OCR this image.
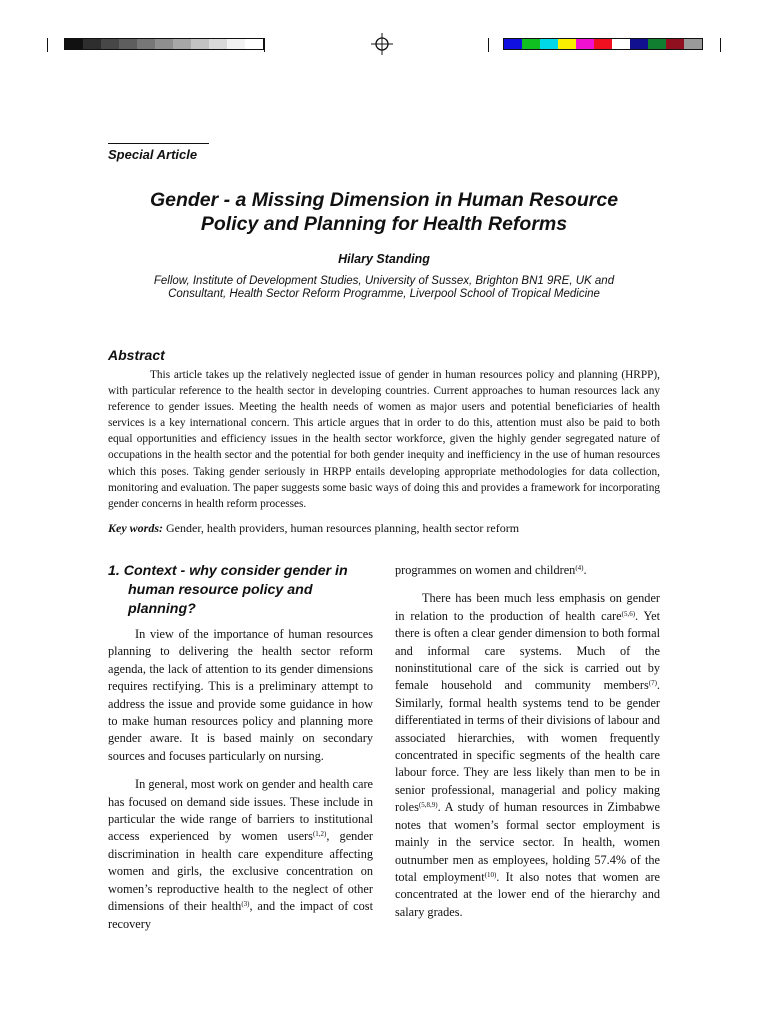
Special Article
Gender - a Missing Dimension in Human Resource
Policy and Planning for Health Reforms
Hilary Standing
Fellow, Institute of Development Studies, University of Sussex, Brighton BN1 9RE, UK and
Consultant, Health Sector Reform Programme, Liverpool School of Tropical Medicine
Abstract

This article takes up the relatively neglected issue of gender in human resources policy and planning (HRPP), with particular reference to the health sector in developing countries. Current approaches to human resources lack any reference to gender issues. Meeting the health needs of women as major users and potential beneficiaries of health services is a key international concern. This article argues that in order to do this, attention must also be paid to both equal opportunities and efficiency issues in the health sector workforce, given the highly gender segregated nature of occupations in the health sector and the potential for both gender inequity and inefficiency in the use of human resources which this poses. Taking gender seriously in HRPP entails developing appropriate methodologies for data collection, monitoring and evaluation. The paper suggests some basic ways of doing this and provides a framework for incorporating gender concerns in health reform processes.

Key words: Gender, health providers, human resources planning, health sector reform
1. Context - why consider gender in human resource policy and planning?

In view of the importance of human resources planning to delivering the health sector reform agenda, the lack of attention to its gender dimensions requires rectifying. This is a preliminary attempt to address the issue and provide some guidance in how to make human resources policy and planning more gender aware. It is based mainly on secondary sources and focuses particularly on nursing.

In general, most work on gender and health care has focused on demand side issues. These include in particular the wide range of barriers to institutional access experienced by women users$^{(1,2)}$, gender discrimination in health care expenditure affecting women and girls, the exclusive concentration on women’s reproductive health to the neglect of other dimensions of their health$^{(3)}$, and the impact of cost recovery

programmes on women and children$^{(4)}$.

There has been much less emphasis on gender in relation to the production of health care$^{(5,6)}$. Yet there is often a clear gender dimension to both formal and informal care systems. Much of the noninstitutional care of the sick is carried out by female household and community members$^{(7)}$. Similarly, formal health systems tend to be gender differentiated in terms of their divisions of labour and associated hierarchies, with women frequently concentrated in specific segments of the health care labour force. They are less likely than men to be in senior professional, managerial and policy making roles$^{(5,8,9)}$. A study of human resources in Zimbabwe notes that women’s formal sector employment is mainly in the service sector. In health, women outnumber men as employees, holding 57.4% of the total employment$^{(10)}$. It also notes that women are concentrated at the lower end of the hierarchy and salary grades.
